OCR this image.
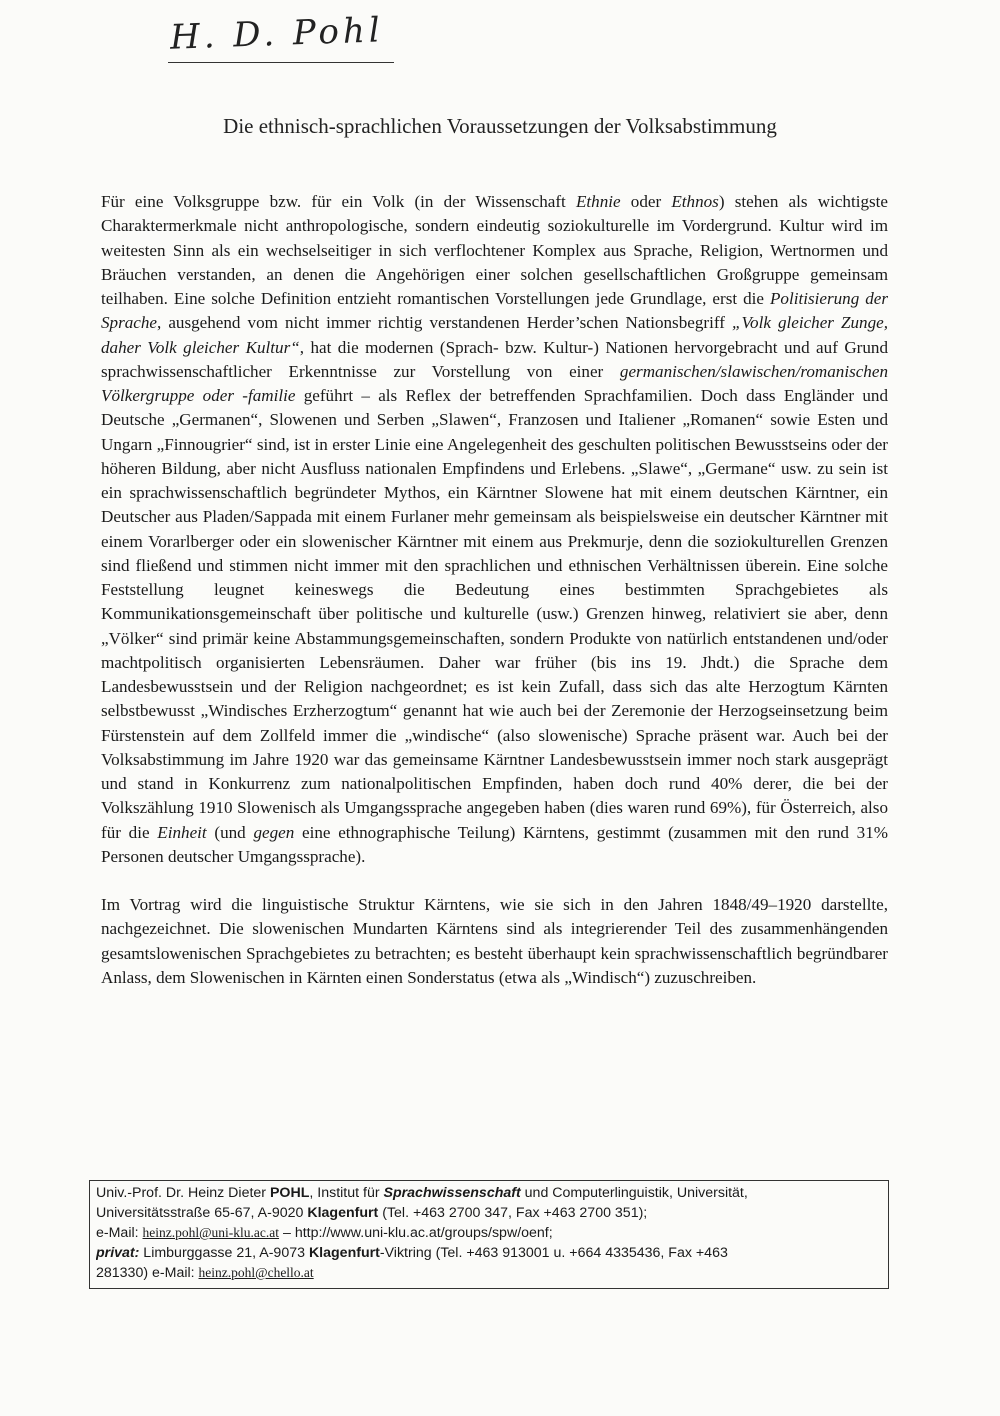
H. D. Pohl
Die ethnisch-sprachlichen Voraussetzungen der Volksabstimmung

Für eine Volksgruppe bzw. für ein Volk (in der Wissenschaft Ethnie oder Ethnos) stehen als wichtigste Charaktermerkmale nicht anthropologische, sondern eindeutig soziokulturelle im Vordergrund. Kultur wird im weitesten Sinn als ein wechselseitiger in sich verflochtener Komplex aus Sprache, Religion, Wertnormen und Bräuchen verstanden, an denen die Angehörigen einer solchen gesellschaftlichen Großgruppe gemeinsam teilhaben. Eine solche Definition entzieht romantischen Vorstellungen jede Grundlage, erst die Politisierung der Sprache, ausgehend vom nicht immer richtig verstandenen Herder’schen Nationsbegriff „Volk gleicher Zunge, daher Volk gleicher Kultur“, hat die modernen (Sprach- bzw. Kultur-) Nationen hervorgebracht und auf Grund sprachwissenschaftlicher Erkenntnisse zur Vorstellung von einer germanischen/slawischen/romanischen Völkergruppe oder -familie geführt – als Reflex der betreffenden Sprachfamilien. Doch dass Engländer und Deutsche „Germanen“, Slowenen und Serben „Slawen“, Franzosen und Italiener „Romanen“ sowie Esten und Ungarn „Finnougrier“ sind, ist in erster Linie eine Angelegenheit des geschulten politischen Bewusstseins oder der höheren Bildung, aber nicht Ausfluss nationalen Empfindens und Erlebens. „Slawe“, „Germane“ usw. zu sein ist ein sprachwissenschaftlich begründeter Mythos, ein Kärntner Slowene hat mit einem deutschen Kärntner, ein Deutscher aus Pladen/Sappada mit einem Furlaner mehr gemeinsam als beispielsweise ein deutscher Kärntner mit einem Vorarlberger oder ein slowenischer Kärntner mit einem aus Prekmurje, denn die soziokulturellen Grenzen sind fließend und stimmen nicht immer mit den sprachlichen und ethnischen Verhältnissen überein. Eine solche Feststellung leugnet keineswegs die Bedeutung eines bestimmten Sprachgebietes als Kommunikationsgemeinschaft über politische und kulturelle (usw.) Grenzen hinweg, relativiert sie aber, denn „Völker“ sind primär keine Abstammungsgemeinschaften, sondern Produkte von natürlich entstandenen und/oder machtpolitisch organisierten Lebensräumen. Daher war früher (bis ins 19. Jhdt.) die Sprache dem Landesbewusstsein und der Religion nachgeordnet; es ist kein Zufall, dass sich das alte Herzogtum Kärnten selbstbewusst „Windisches Erzherzogtum“ genannt hat wie auch bei der Zeremonie der Herzogseinsetzung beim Fürstenstein auf dem Zollfeld immer die „windische“ (also slowenische) Sprache präsent war. Auch bei der Volksabstimmung im Jahre 1920 war das gemeinsame Kärntner Landesbewusstsein immer noch stark ausgeprägt und stand in Konkurrenz zum nationalpolitischen Empfinden, haben doch rund 40% derer, die bei der Volkszählung 1910 Slowenisch als Umgangssprache angegeben haben (dies waren rund 69%), für Österreich, also für die Einheit (und gegen eine ethnographische Teilung) Kärntens, gestimmt (zusammen mit den rund 31% Personen deutscher Umgangssprache).

Im Vortrag wird die linguistische Struktur Kärntens, wie sie sich in den Jahren 1848/49–1920 darstellte, nachgezeichnet. Die slowenischen Mundarten Kärntens sind als integrierender Teil des zusammenhängenden gesamtslowenischen Sprachgebietes zu betrachten; es besteht überhaupt kein sprachwissenschaftlich begründbarer Anlass, dem Slowenischen in Kärnten einen Sonderstatus (etwa als „Windisch“) zuzuschreiben.

Univ.-Prof. Dr. Heinz Dieter POHL, Institut für Sprachwissenschaft und Computerlinguistik, Universität,
Universitätsstraße 65-67, A-9020 Klagenfurt (Tel. +463 2700 347, Fax +463 2700 351);
e-Mail: heinz.pohl@uni-klu.ac.at – http://www.uni-klu.ac.at/groups/spw/oenf;
privat: Limburggasse 21, A-9073 Klagenfurt-Viktring (Tel. +463 913001 u. +664 4335436, Fax +463
281330) e-Mail: heinz.pohl@chello.at
